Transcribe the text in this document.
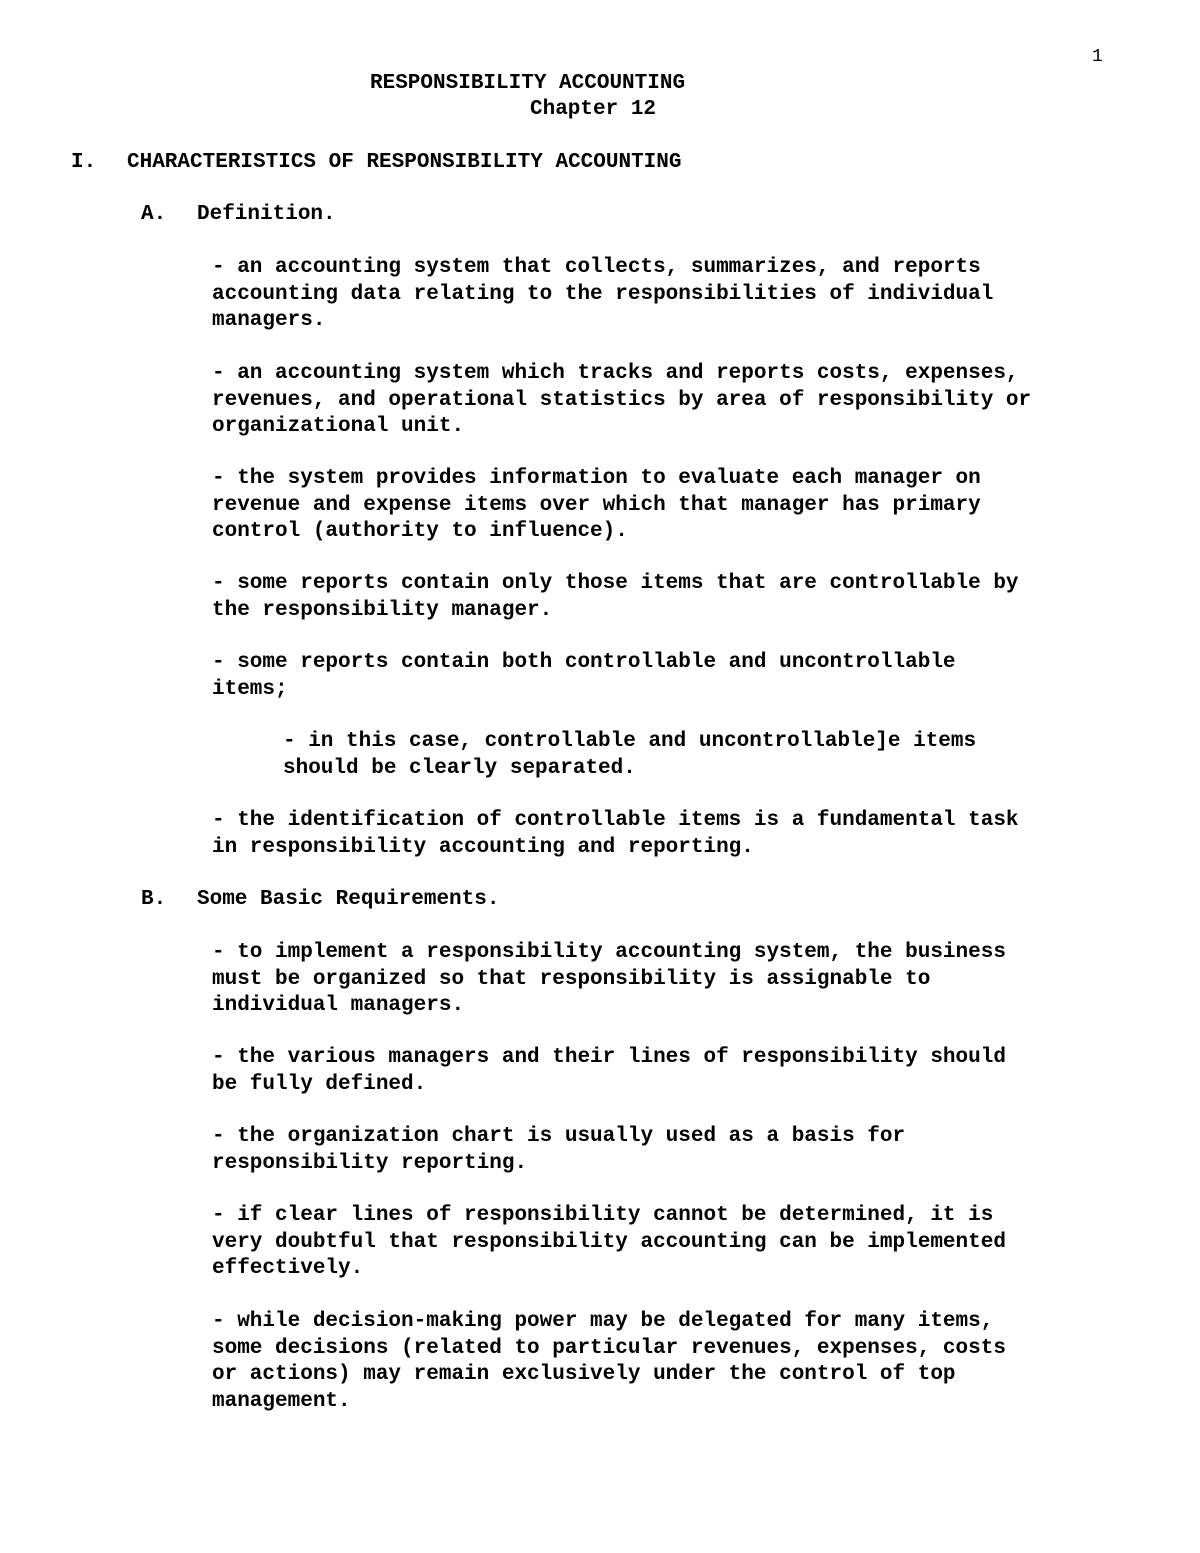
1
RESPONSIBILITY ACCOUNTING
Chapter 12
I. CHARACTERISTICS OF RESPONSIBILITY ACCOUNTING
A. Definition.
- an accounting system that collects, summarizes, and reports
accounting data relating to the responsibilities of individual
managers.
- an accounting system which tracks and reports costs, expenses,
revenues, and operational statistics by area of responsibility or
organizational unit.
- the system provides information to evaluate each manager on
revenue and expense items over which that manager has primary
control (authority to influence).
- some reports contain only those items that are controllable by
the responsibility manager.
- some reports contain both controllable and uncontrollable
items;
- in this case, controllable and uncontrollable]e items
should be clearly separated.
- the identification of controllable items is a fundamental task
in responsibility accounting and reporting.
B. Some Basic Requirements.
- to implement a responsibility accounting system, the business
must be organized so that responsibility is assignable to
individual managers.
- the various managers and their lines of responsibility should
be fully defined.
- the organization chart is usually used as a basis for
responsibility reporting.
- if clear lines of responsibility cannot be determined, it is
very doubtful that responsibility accounting can be implemented
effectively.
- while decision-making power may be delegated for many items,
some decisions (related to particular revenues, expenses, costs
or actions) may remain exclusively under the control of top
management.
